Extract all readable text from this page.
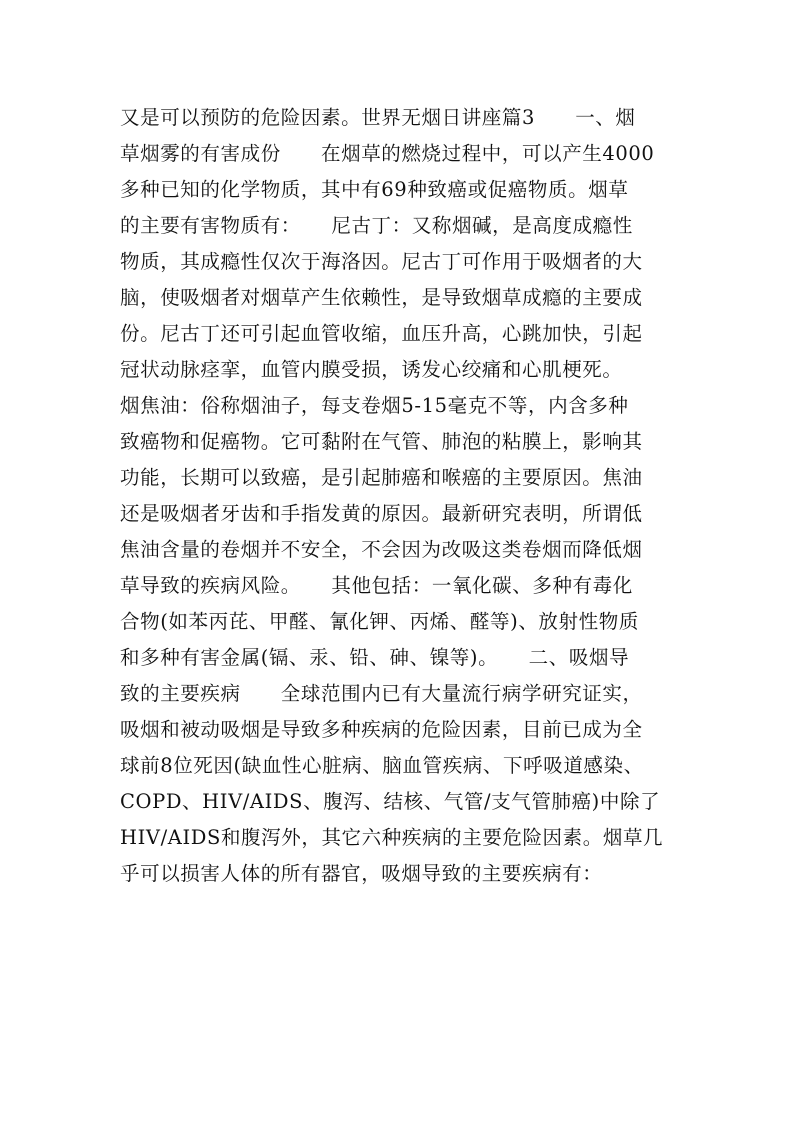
又是可以预防的危险因素。世界无烟日讲座篇3　　一、烟
草烟雾的有害成份　　在烟草的燃烧过程中，可以产生4000
多种已知的化学物质，其中有69种致癌或促癌物质。烟草
的主要有害物质有：　　尼古丁：又称烟碱，是高度成瘾性
物质，其成瘾性仅次于海洛因。尼古丁可作用于吸烟者的大
脑，使吸烟者对烟草产生依赖性，是导致烟草成瘾的主要成
份。尼古丁还可引起血管收缩，血压升高，心跳加快，引起
冠状动脉痉挛，血管内膜受损，诱发心绞痛和心肌梗死。
烟焦油：俗称烟油子，每支卷烟5-15毫克不等，内含多种
致癌物和促癌物。它可黏附在气管、肺泡的粘膜上，影响其
功能，长期可以致癌，是引起肺癌和喉癌的主要原因。焦油
还是吸烟者牙齿和手指发黄的原因。最新研究表明，所谓低
焦油含量的卷烟并不安全，不会因为改吸这类卷烟而降低烟
草导致的疾病风险。　　其他包括：一氧化碳、多种有毒化
合物(如苯丙芘、甲醛、氰化钾、丙烯、醛等)、放射性物质
和多种有害金属(镉、汞、铅、砷、镍等)。　　二、吸烟导
致的主要疾病　　全球范围内已有大量流行病学研究证实，
吸烟和被动吸烟是导致多种疾病的危险因素，目前已成为全
球前8位死因(缺血性心脏病、脑血管疾病、下呼吸道感染、
COPD、HIV/AIDS、腹泻、结核、气管/支气管肺癌)中除了
HIV/AIDS和腹泻外，其它六种疾病的主要危险因素。烟草几
乎可以损害人体的所有器官，吸烟导致的主要疾病有：
